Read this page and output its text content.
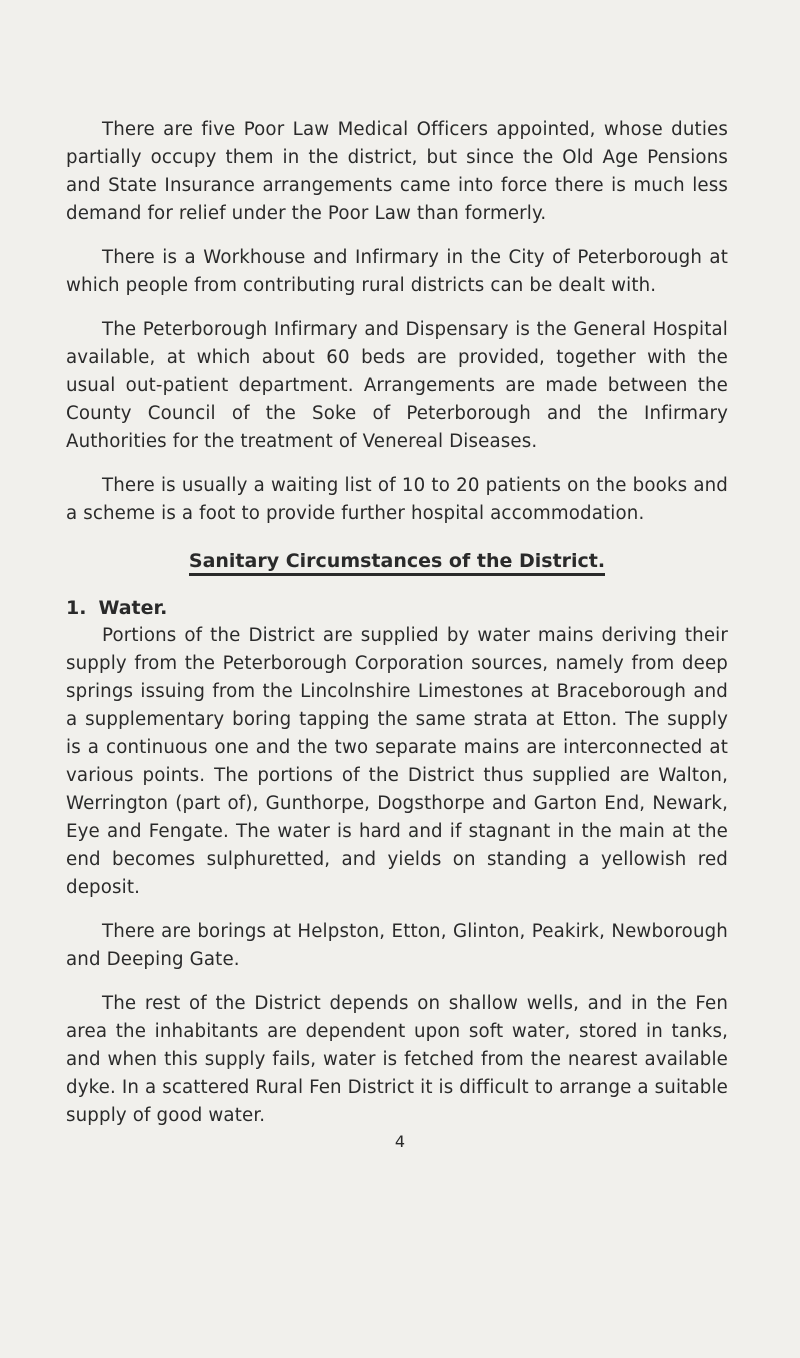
There are five Poor Law Medical Officers appointed, whose duties partially occupy them in the district, but since the Old Age Pensions and State Insurance arrangements came into force there is much less demand for relief under the Poor Law than formerly.

There is a Workhouse and Infirmary in the City of Peterborough at which people from contributing rural districts can be dealt with.

The Peterborough Infirmary and Dispensary is the General Hospital available, at which about 60 beds are provided, together with the usual out-patient department. Arrangements are made between the County Council of the Soke of Peterborough and the Infirmary Authorities for the treatment of Venereal Diseases.

There is usually a waiting list of 10 to 20 patients on the books and a scheme is a foot to provide further hospital accommodation.

Sanitary Circumstances of the District.
1. Water.

Portions of the District are supplied by water mains deriving their supply from the Peterborough Corporation sources, namely from deep springs issuing from the Lincolnshire Limestones at Braceborough and a supplementary boring tapping the same strata at Etton. The supply is a continuous one and the two separate mains are interconnected at various points. The portions of the District thus supplied are Walton, Werrington (part of), Gunthorpe, Dogsthorpe and Garton End, Newark, Eye and Fengate. The water is hard and if stagnant in the main at the end becomes sulphuretted, and yields on standing a yellowish red deposit.

There are borings at Helpston, Etton, Glinton, Peakirk, Newborough and Deeping Gate.

The rest of the District depends on shallow wells, and in the Fen area the inhabitants are dependent upon soft water, stored in tanks, and when this supply fails, water is fetched from the nearest available dyke. In a scattered Rural Fen District it is difficult to arrange a suitable supply of good water.

4
